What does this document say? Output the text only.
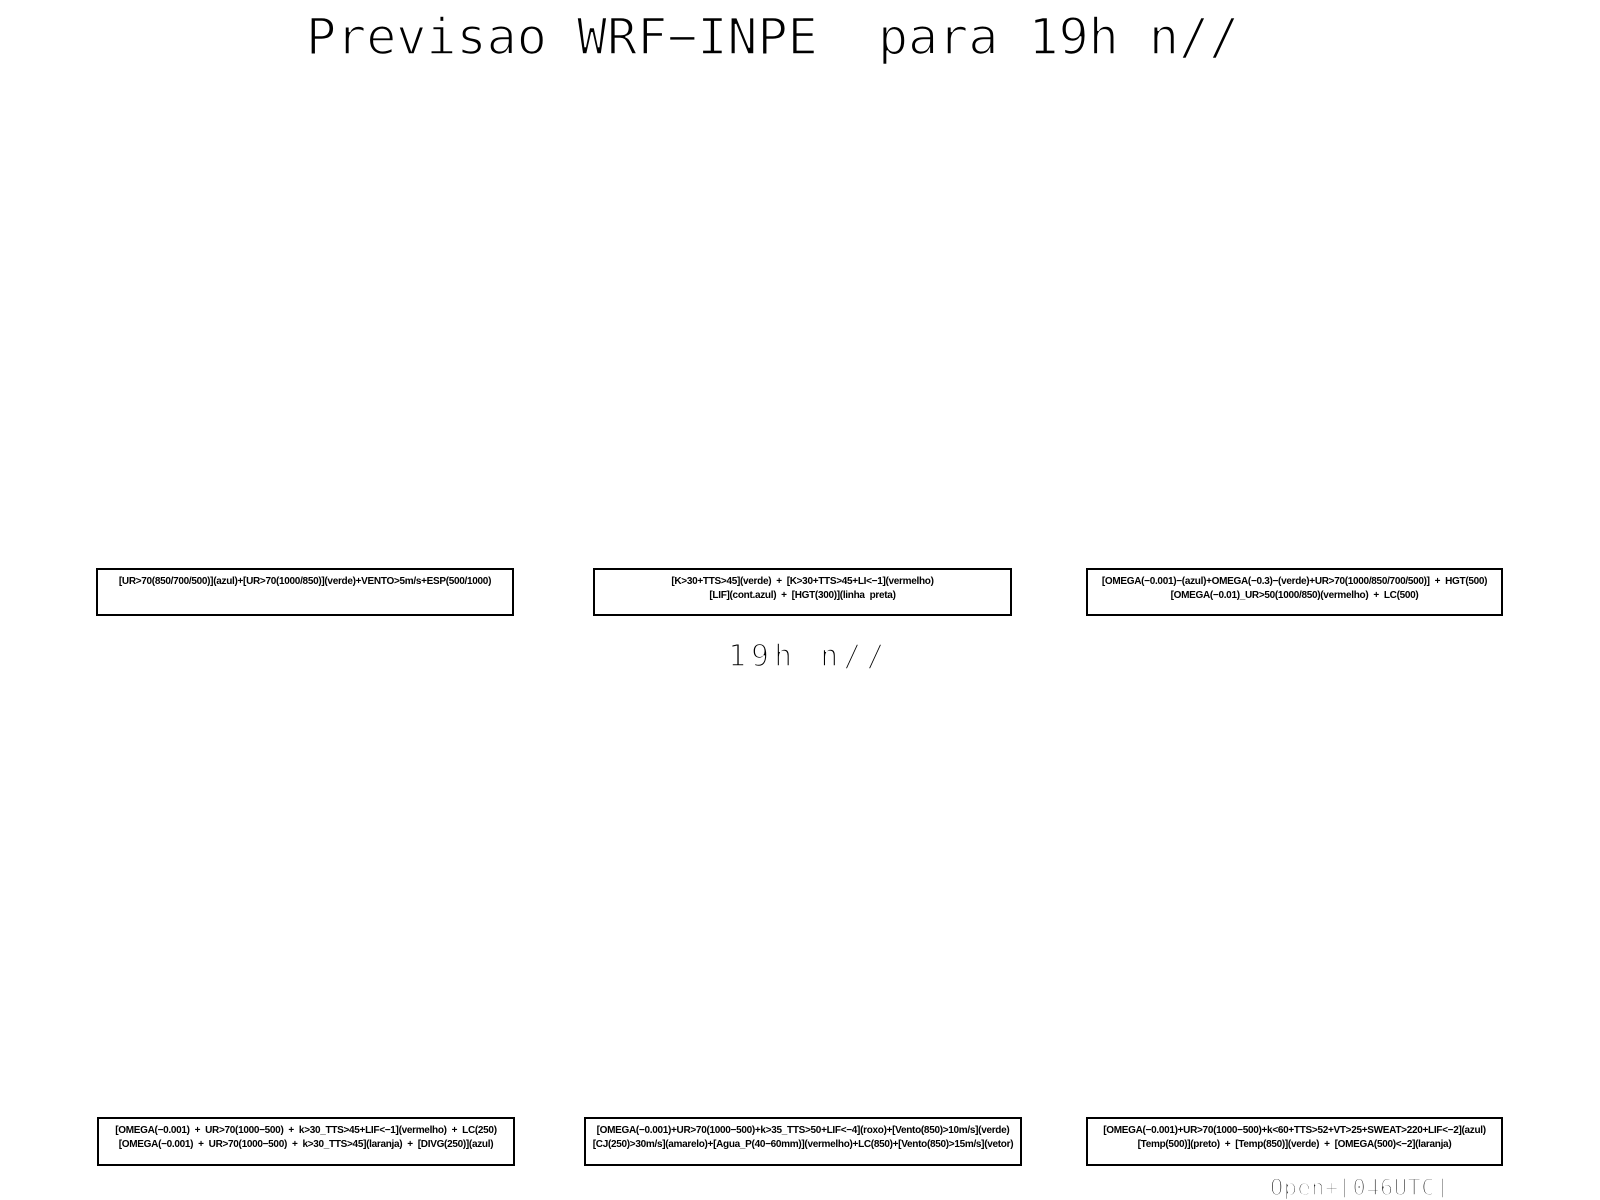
Previsao WRF−INPE  para 19h n//
[UR>70(850/700/500)](azul)+[UR>70(1000/850)](verde)+VENTO>5m/s+ESP(500/1000)	[K>30+TTS>45](verde)  +  [K>30+TTS>45+LI<−1](vermelho)
[LIF](cont.azul)  +  [HGT(300)](linha  preta)
[OMEGA(−0.001)−(azul)+OMEGA(−0.3)−(verde)+UR>70(1000/850/700/500)]  +  HGT(500)
[OMEGA(−0.01)_UR>50(1000/850)(vermelho)  +  LC(500)
19h n//
[OMEGA(−0.001)  +  UR>70(1000−500)  +  k>30_TTS>45+LIF<−1](vermelho)  +  LC(250)
[OMEGA(−0.001)  +  UR>70(1000−500)  +  k>30_TTS>45](laranja)  +  [DIVG(250)](azul)
[OMEGA(−0.001)+UR>70(1000−500)+k>35_TTS>50+LIF<−4](roxo)+[Vento(850)>10m/s](verde)
[CJ(250)>30m/s](amarelo)+[Agua_P(40−60mm)](vermelho)+LC(850)+[Vento(850)>15m/s](vetor)
[OMEGA(−0.001)+UR>70(1000−500)+k<60+TTS>52+VT>25+SWEAT>220+LIF<−2](azul)
[Temp(500)](preto)  +  [Temp(850)](verde)  +  [OMEGA(500)<−2](laranja)
Open+[046UTC]
